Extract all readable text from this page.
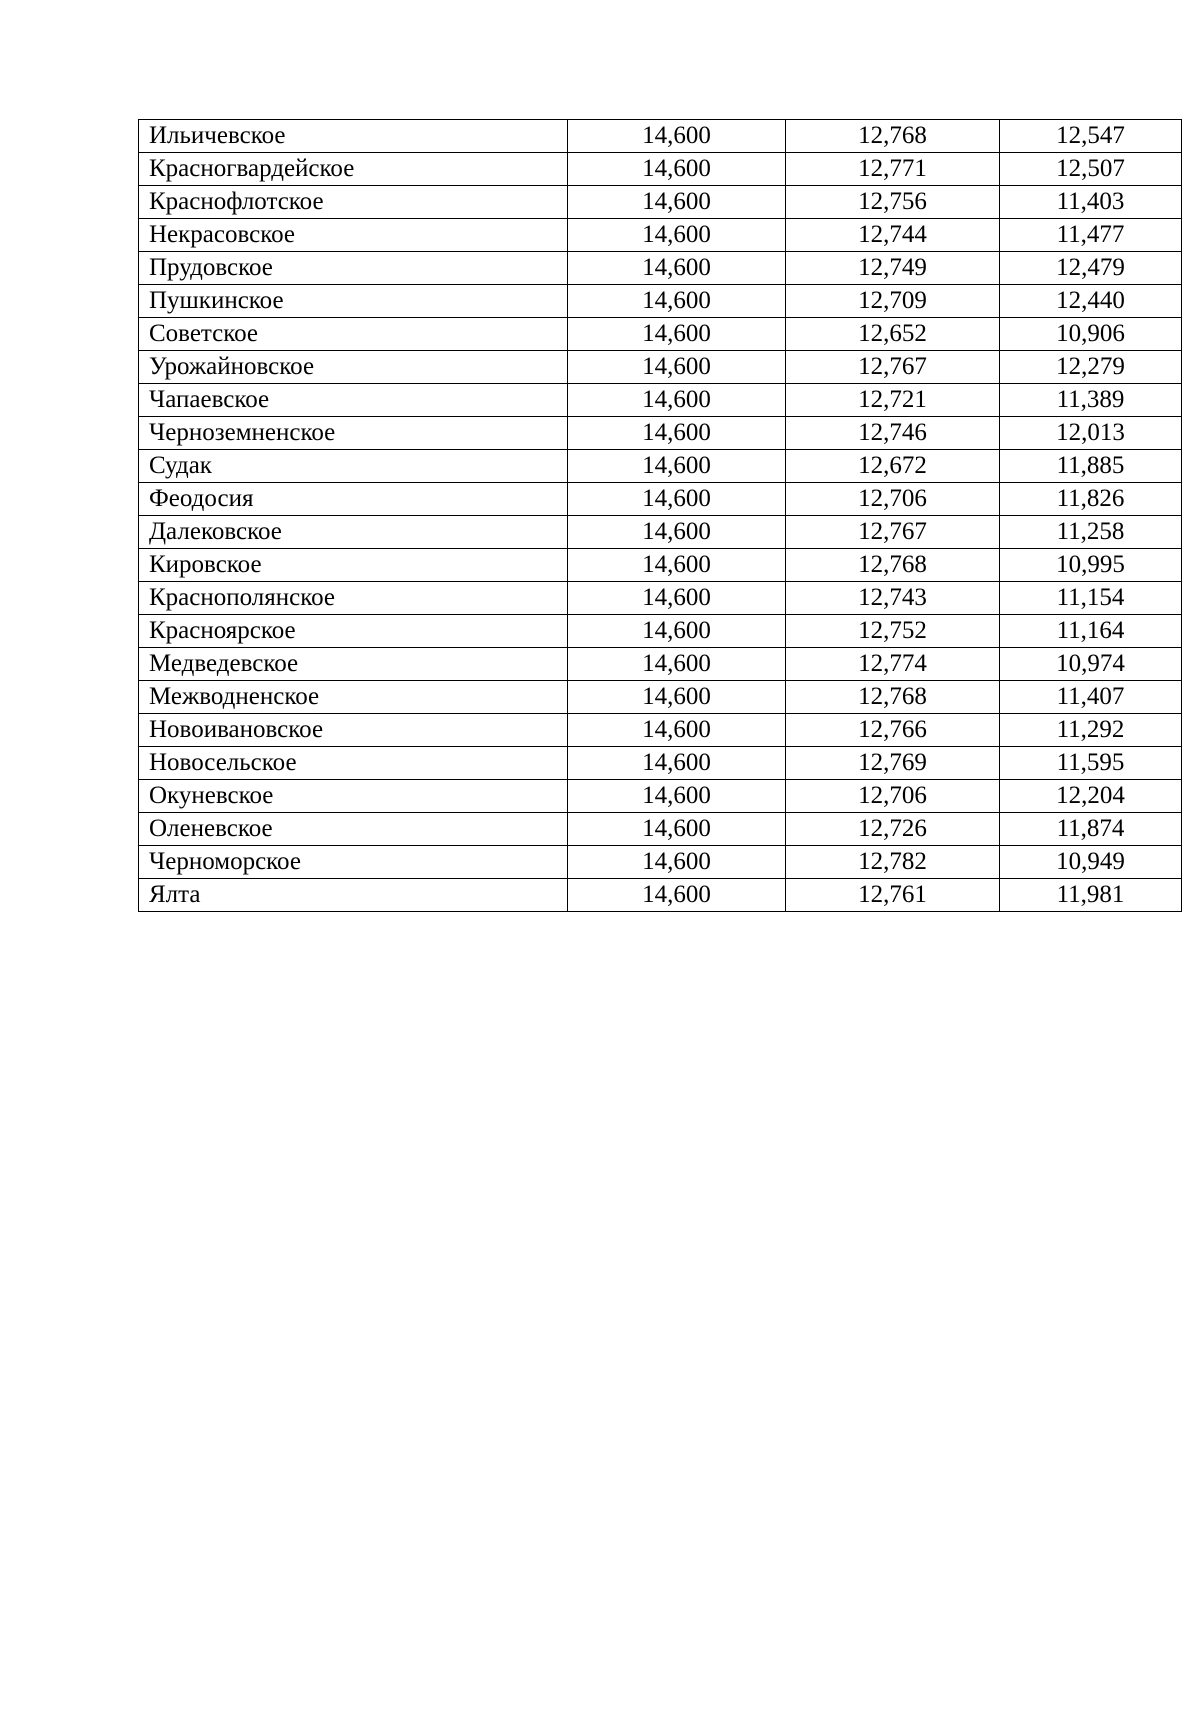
Ильичевское	14,600	12,768	12,547
Красногвардейское	14,600	12,771	12,507
Краснофлотское	14,600	12,756	11,403
Некрасовское	14,600	12,744	11,477
Прудовское	14,600	12,749	12,479
Пушкинское	14,600	12,709	12,440
Советское	14,600	12,652	10,906
Урожайновское	14,600	12,767	12,279
Чапаевское	14,600	12,721	11,389
Черноземненское	14,600	12,746	12,013
Судак	14,600	12,672	11,885
Феодосия	14,600	12,706	11,826
Далековское	14,600	12,767	11,258
Кировское	14,600	12,768	10,995
Краснополянское	14,600	12,743	11,154
Красноярское	14,600	12,752	11,164
Медведевское	14,600	12,774	10,974
Межводненское	14,600	12,768	11,407
Новоивановское	14,600	12,766	11,292
Новосельское	14,600	12,769	11,595
Окуневское	14,600	12,706	12,204
Оленевское	14,600	12,726	11,874
Черноморское	14,600	12,782	10,949
Ялта	14,600	12,761	11,981
